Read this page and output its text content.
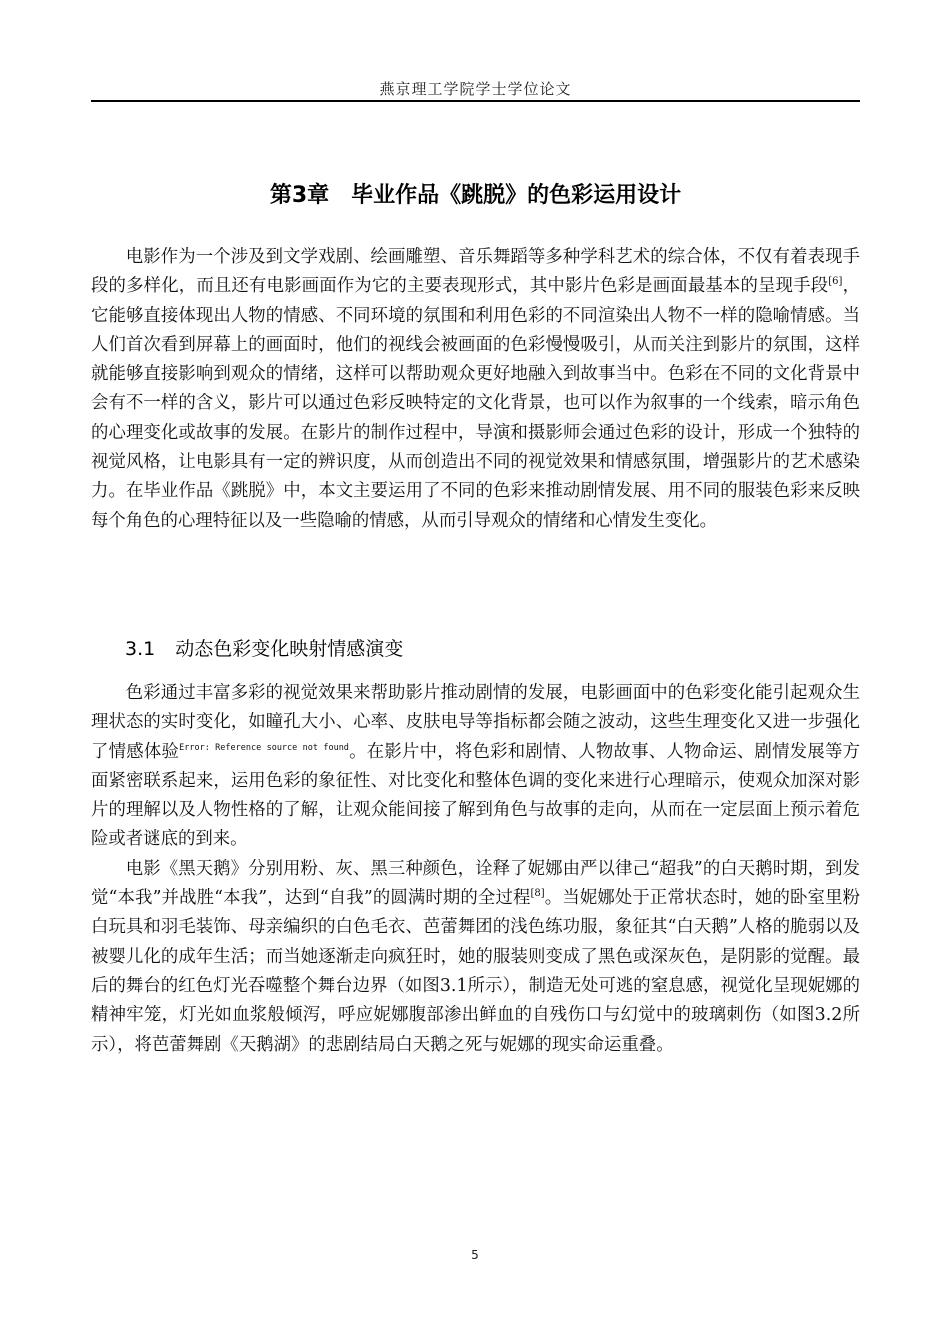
燕京理工学院学士学位论文
第3章 毕业作品《跳脱》的色彩运用设计

电影作为一个涉及到文学戏剧、绘画雕塑、音乐舞蹈等多种学科艺术的综合体，不仅有着表现手段的多样化，而且还有电影画面作为它的主要表现形式，其中影片色彩是画面最基本的呈现手段[6]，它能够直接体现出人物的情感、不同环境的氛围和利用色彩的不同渲染出人物不一样的隐喻情感。当人们首次看到屏幕上的画面时，他们的视线会被画面的色彩慢慢吸引，从而关注到影片的氛围，这样就能够直接影响到观众的情绪，这样可以帮助观众更好地融入到故事当中。色彩在不同的文化背景中会有不一样的含义，影片可以通过色彩反映特定的文化背景，也可以作为叙事的一个线索，暗示角色的心理变化或故事的发展。在影片的制作过程中，导演和摄影师会通过色彩的设计，形成一个独特的视觉风格，让电影具有一定的辨识度，从而创造出不同的视觉效果和情感氛围，增强影片的艺术感染力。在毕业作品《跳脱》中，本文主要运用了不同的色彩来推动剧情发展、用不同的服装色彩来反映每个角色的心理特征以及一些隐喻的情感，从而引导观众的情绪和心情发生变化。

3.1 动态色彩变化映射情感演变

色彩通过丰富多彩的视觉效果来帮助影片推动剧情的发展，电影画面中的色彩变化能引起观众生理状态的实时变化，如瞳孔大小、心率、皮肤电导等指标都会随之波动，这些生理变化又进一步强化了情感体验$^{Error: Reference source not found}$。在影片中，将色彩和剧情、人物故事、人物命运、剧情发展等方面紧密联系起来，运用色彩的象征性、对比变化和整体色调的变化来进行心理暗示，使观众加深对影片的理解以及人物性格的了解，让观众能间接了解到角色与故事的走向，从而在一定层面上预示着危险或者谜底的到来。

电影《黑天鹅》分别用粉、灰、黑三种颜色，诠释了妮娜由严以律己“超我”的白天鹅时期，到发觉“本我”并战胜“本我”，达到“自我”的圆满时期的全过程[8]。当妮娜处于正常状态时，她的卧室里粉白玩具和羽毛装饰、母亲编织的白色毛衣、芭蕾舞团的浅色练功服，象征其“白天鹅”人格的脆弱以及被婴儿化的成年生活；而当她逐渐走向疯狂时，她的服装则变成了黑色或深灰色，是阴影的觉醒。最后的舞台的红色灯光吞噬整个舞台边界（如图3.1所示），制造无处可逃的窒息感，视觉化呈现妮娜的精神牢笼，灯光如血浆般倾泻，呼应妮娜腹部渗出鲜血的自残伤口与幻觉中的玻璃刺伤（如图3.2所示），将芭蕾舞剧《天鹅湖》的悲剧结局白天鹅之死与妮娜的现实命运重叠。

5
